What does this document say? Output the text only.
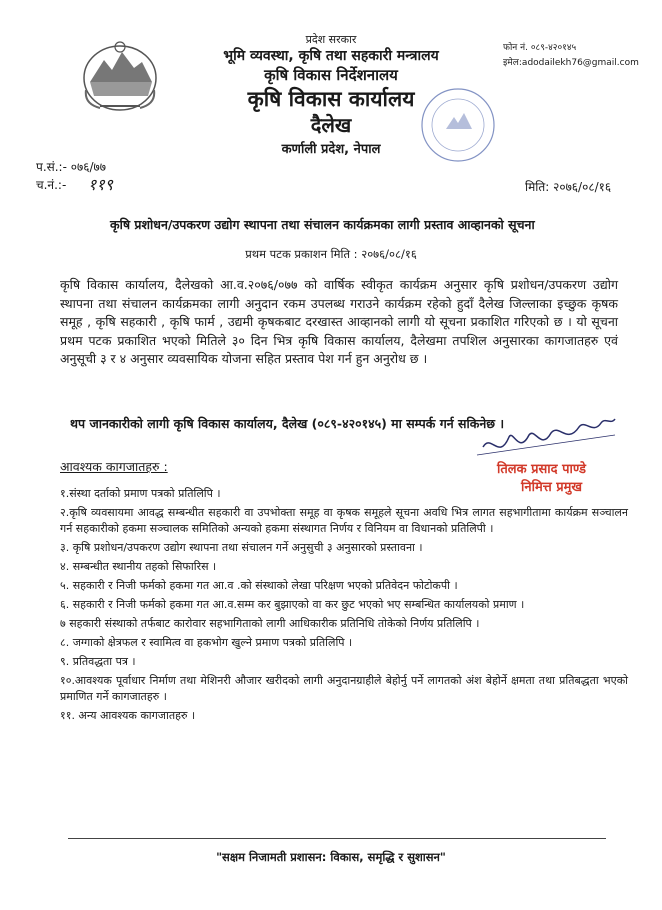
प्रदेश सरकार
भूमि व्यवस्था, कृषि तथा सहकारी मन्त्रालय
कृषि विकास निर्देशनालय
कृषि विकास कार्यालय
दैलेख
कर्णाली प्रदेश, नेपाल
फोन नं. ०८९-४२०१४५
इमेल:adodailekh76@gmail.com
प.सं.:- ०७६/७७
च.नं.:- ११९	मिति: २०७६/०८/१६
कृषि प्रशोधन/उपकरण उद्योग स्थापना तथा संचालन कार्यक्रमका लागी प्रस्ताव आव्हानको सूचना
प्रथम पटक प्रकाशन मिति : २०७६/०८/१६

कृषि विकास कार्यालय, दैलेखको आ.व.२०७६/०७७ को वार्षिक स्वीकृत कार्यक्रम अनुसार कृषि प्रशोधन/उपकरण उद्योग स्थापना तथा संचालन कार्यक्रमका लागी अनुदान रकम उपलब्ध गराउने कार्यक्रम रहेको हुदाँ दैलेख जिल्लाका इच्छुक कृषक समूह , कृषि सहकारी , कृषि फार्म , उद्यमी कृषकबाट दरखास्त आव्हानको लागी यो सूचना प्रकाशित गरिएको छ । यो सूचना प्रथम पटक प्रकाशित भएको मितिले ३० दिन भित्र कृषि विकास कार्यालय, दैलेखमा तपशिल अनुसारका कागजातहरु एवं अनुसूची ३ र ४ अनुसार व्यवसायिक योजना सहित प्रस्ताव पेश गर्न हुन अनुरोध छ ।

थप जानकारीको लागी कृषि विकास कार्यालय, दैलेख (०८९-४२०१४५) मा सम्पर्क गर्न सकिनेछ ।
तिलक प्रसाद पाण्डे
निमित्त प्रमुख
आवश्यक कागजातहरु :
१.संस्था दर्ताको प्रमाण पत्रको प्रतिलिपि ।
२.कृषि व्यवसायमा आवद्ध सम्बन्धीत सहकारी वा उपभोक्ता समूह वा कृषक समूहले सूचना अवधि भित्र लागत सहभागीतामा कार्यक्रम सञ्चालन गर्न सहकारीको हकमा सञ्चालक समितिको अन्यको हकमा संस्थागत निर्णय र विनियम वा विधानको प्रतिलिपी ।
३. कृषि प्रशोधन/उपकरण उद्योग स्थापना तथा संचालन गर्ने अनुसुची ३ अनुसारको प्रस्तावना ।
४. सम्बन्धीत स्थानीय तहको सिफारिस ।
५. सहकारी र निजी फर्मको हकमा गत आ.व .को संस्थाको लेखा परिक्षण भएको प्रतिवेदन फोटोकपी ।
६. सहकारी र निजी फर्मको हकमा गत आ.व.सम्म कर बुझाएको वा कर छुट भएको भए सम्बन्धित कार्यालयको प्रमाण ।
७ सहकारी संस्थाको तर्फबाट कारोवार सहभागिताको लागी आधिकारीक प्रतिनिधि तोकेको निर्णय प्रतिलिपि ।
८. जग्गाको क्षेत्रफल र स्वामित्व वा हकभोग खुल्ने प्रमाण पत्रको प्रतिलिपि ।
९. प्रतिवद्धता पत्र ।
१०.आवश्यक पूर्वाधार निर्माण तथा मेशिनरी औजार खरीदको लागी अनुदानग्राहीले बेहोर्नु पर्ने लागतको अंश बेहोर्ने क्षमता तथा प्रतिबद्धता भएको प्रमाणित गर्ने कागजातहरु ।
११. अन्य आवश्यक कागजातहरु ।
"सक्षम निजामती प्रशासन: विकास, समृद्धि र सुशासन"
